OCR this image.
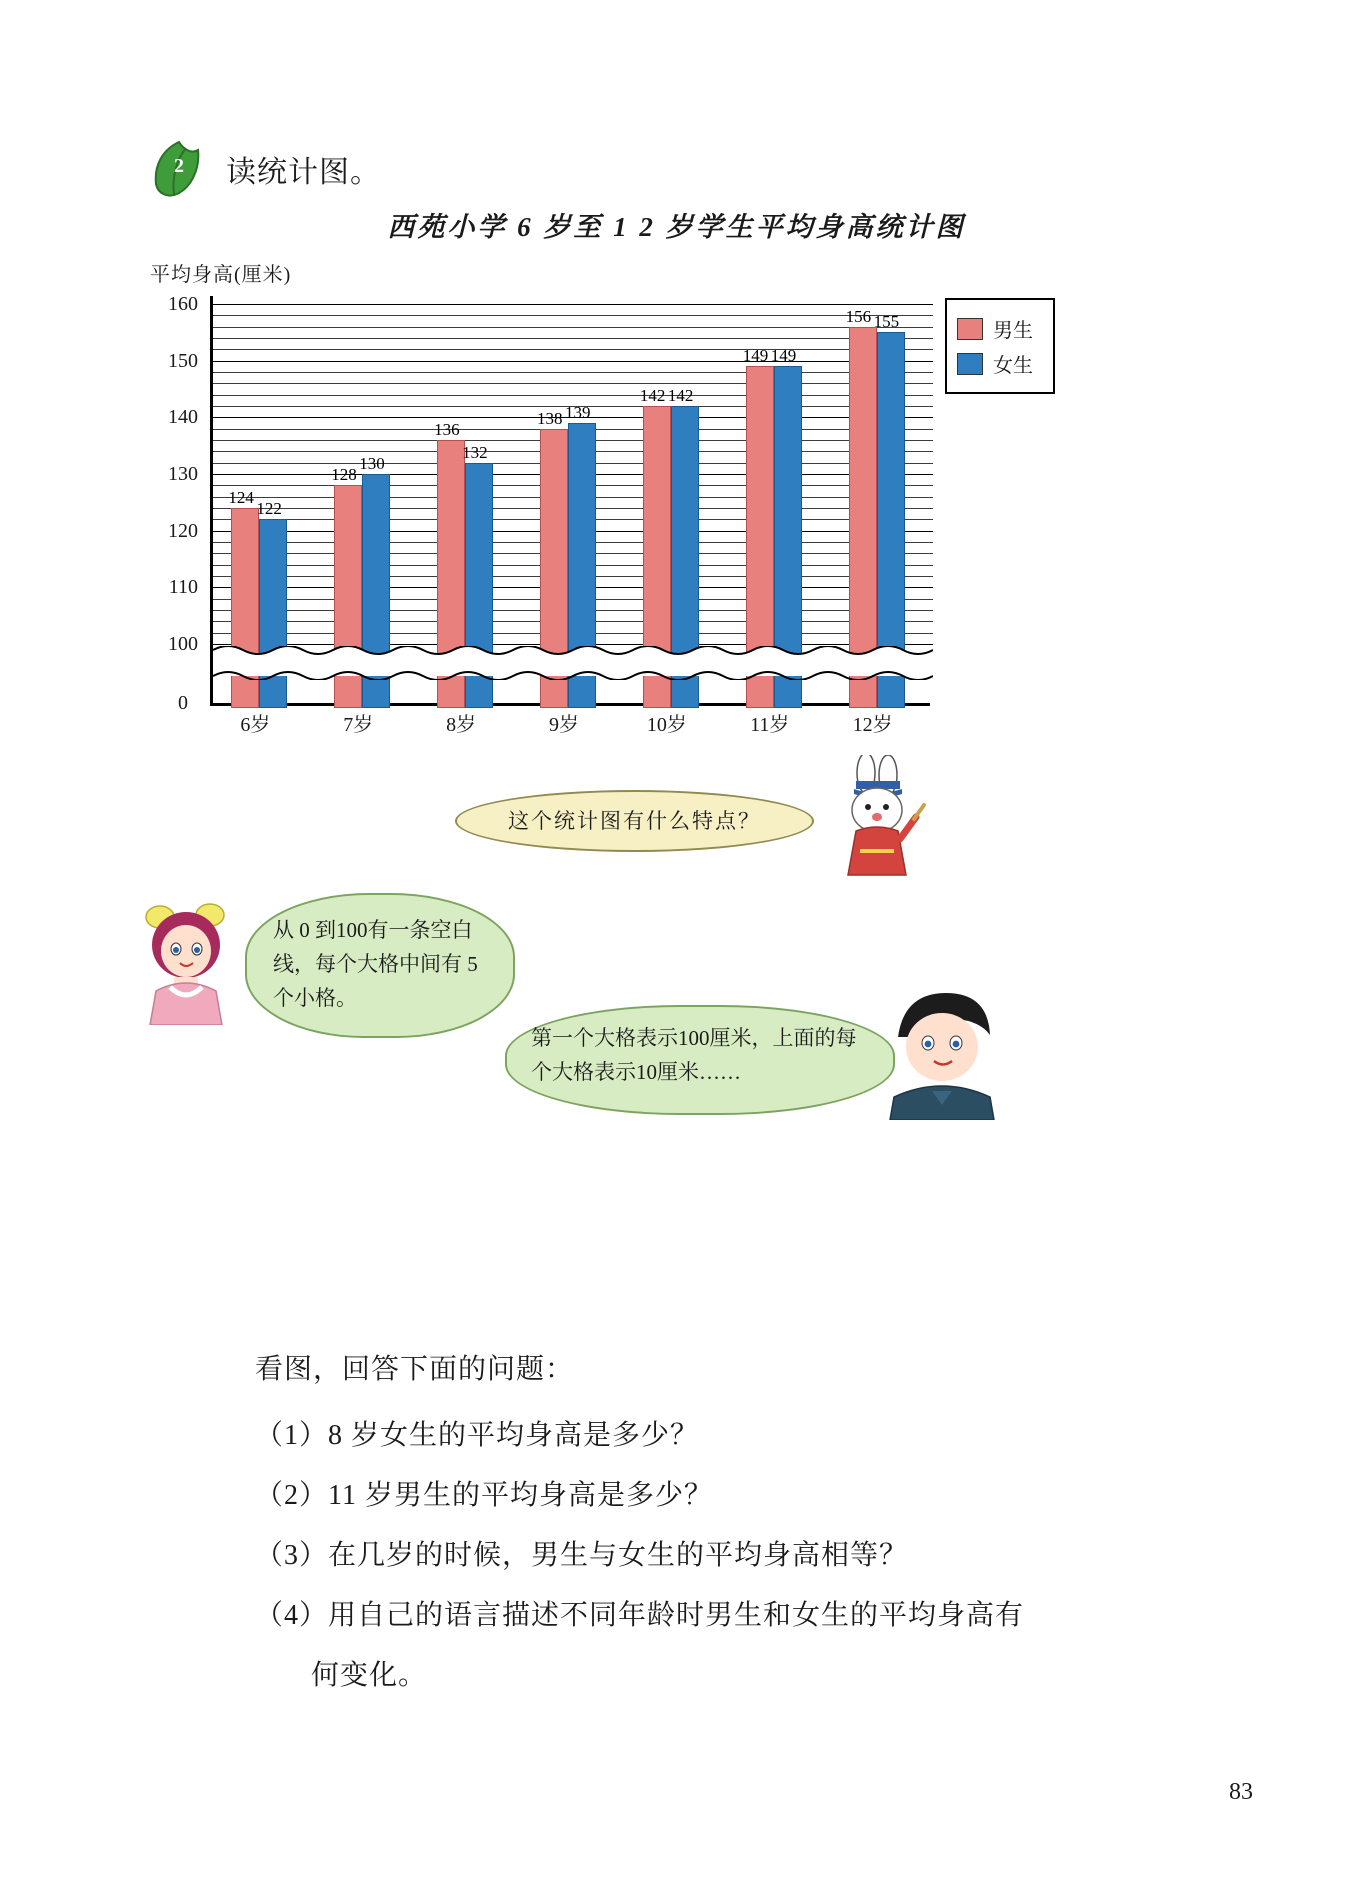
2	读统计图。
西苑小学 6 岁至 1 2 岁学生平均身高统计图
平均身高(厘米)
124
122
128
130
136
132
138 139
142 142
149 149
156 155
0
男生
女生
100
110
120
130
140
150
160
6岁	7岁	8岁	9岁	10岁	11岁	12岁
这个统计图有什么特点？
从 0 到100有一条空白线，每个大格中间有 5 个小格。
第一个大格表示100厘米，上面的每个大格表示10厘米……
看图，回答下面的问题：
（1）8 岁女生的平均身高是多少？
（2）11 岁男生的平均身高是多少？
（3）在几岁的时候，男生与女生的平均身高相等？
（4）用自己的语言描述不同年龄时男生和女生的平均身高有
何变化。
83
